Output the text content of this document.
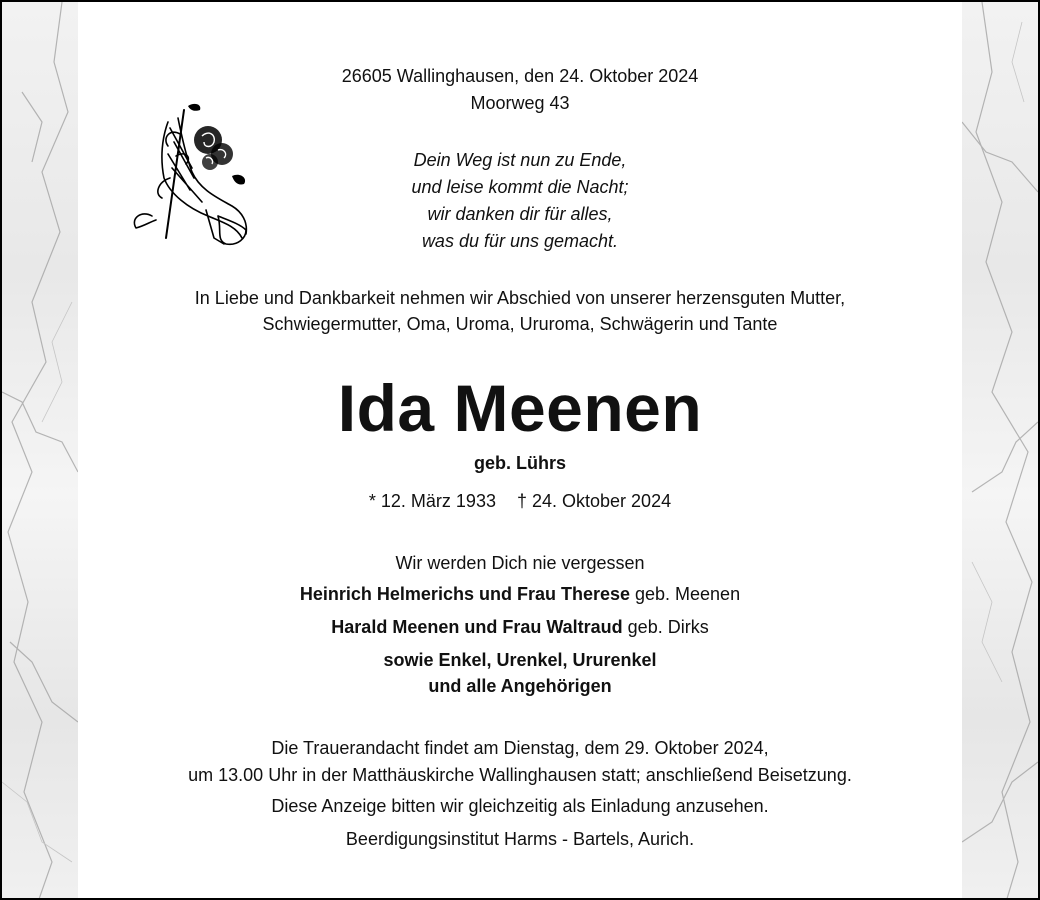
26605 Wallinghausen, den 24. Oktober 2024
Moorweg 43
Dein Weg ist nun zu Ende,
und leise kommt die Nacht;
wir danken dir für alles,
was du für uns gemacht.
In Liebe und Dankbarkeit nehmen wir Abschied von unserer herzensguten Mutter,
Schwiegermutter, Oma, Uroma, Ururoma, Schwägerin und Tante
Ida Meenen
geb. Lührs
* 12. März 1933 † 24. Oktober 2024
Wir werden Dich nie vergessen
Heinrich Helmerichs und Frau Therese geb. Meenen
Harald Meenen und Frau Waltraud geb. Dirks
sowie Enkel, Urenkel, Ururenkel
und alle Angehörigen
Die Trauerandacht findet am Dienstag, dem 29. Oktober 2024,
um 13.00 Uhr in der Matthäuskirche Wallinghausen statt; anschließend Beisetzung.
Diese Anzeige bitten wir gleichzeitig als Einladung anzusehen.
Beerdigungsinstitut Harms - Bartels, Aurich.
